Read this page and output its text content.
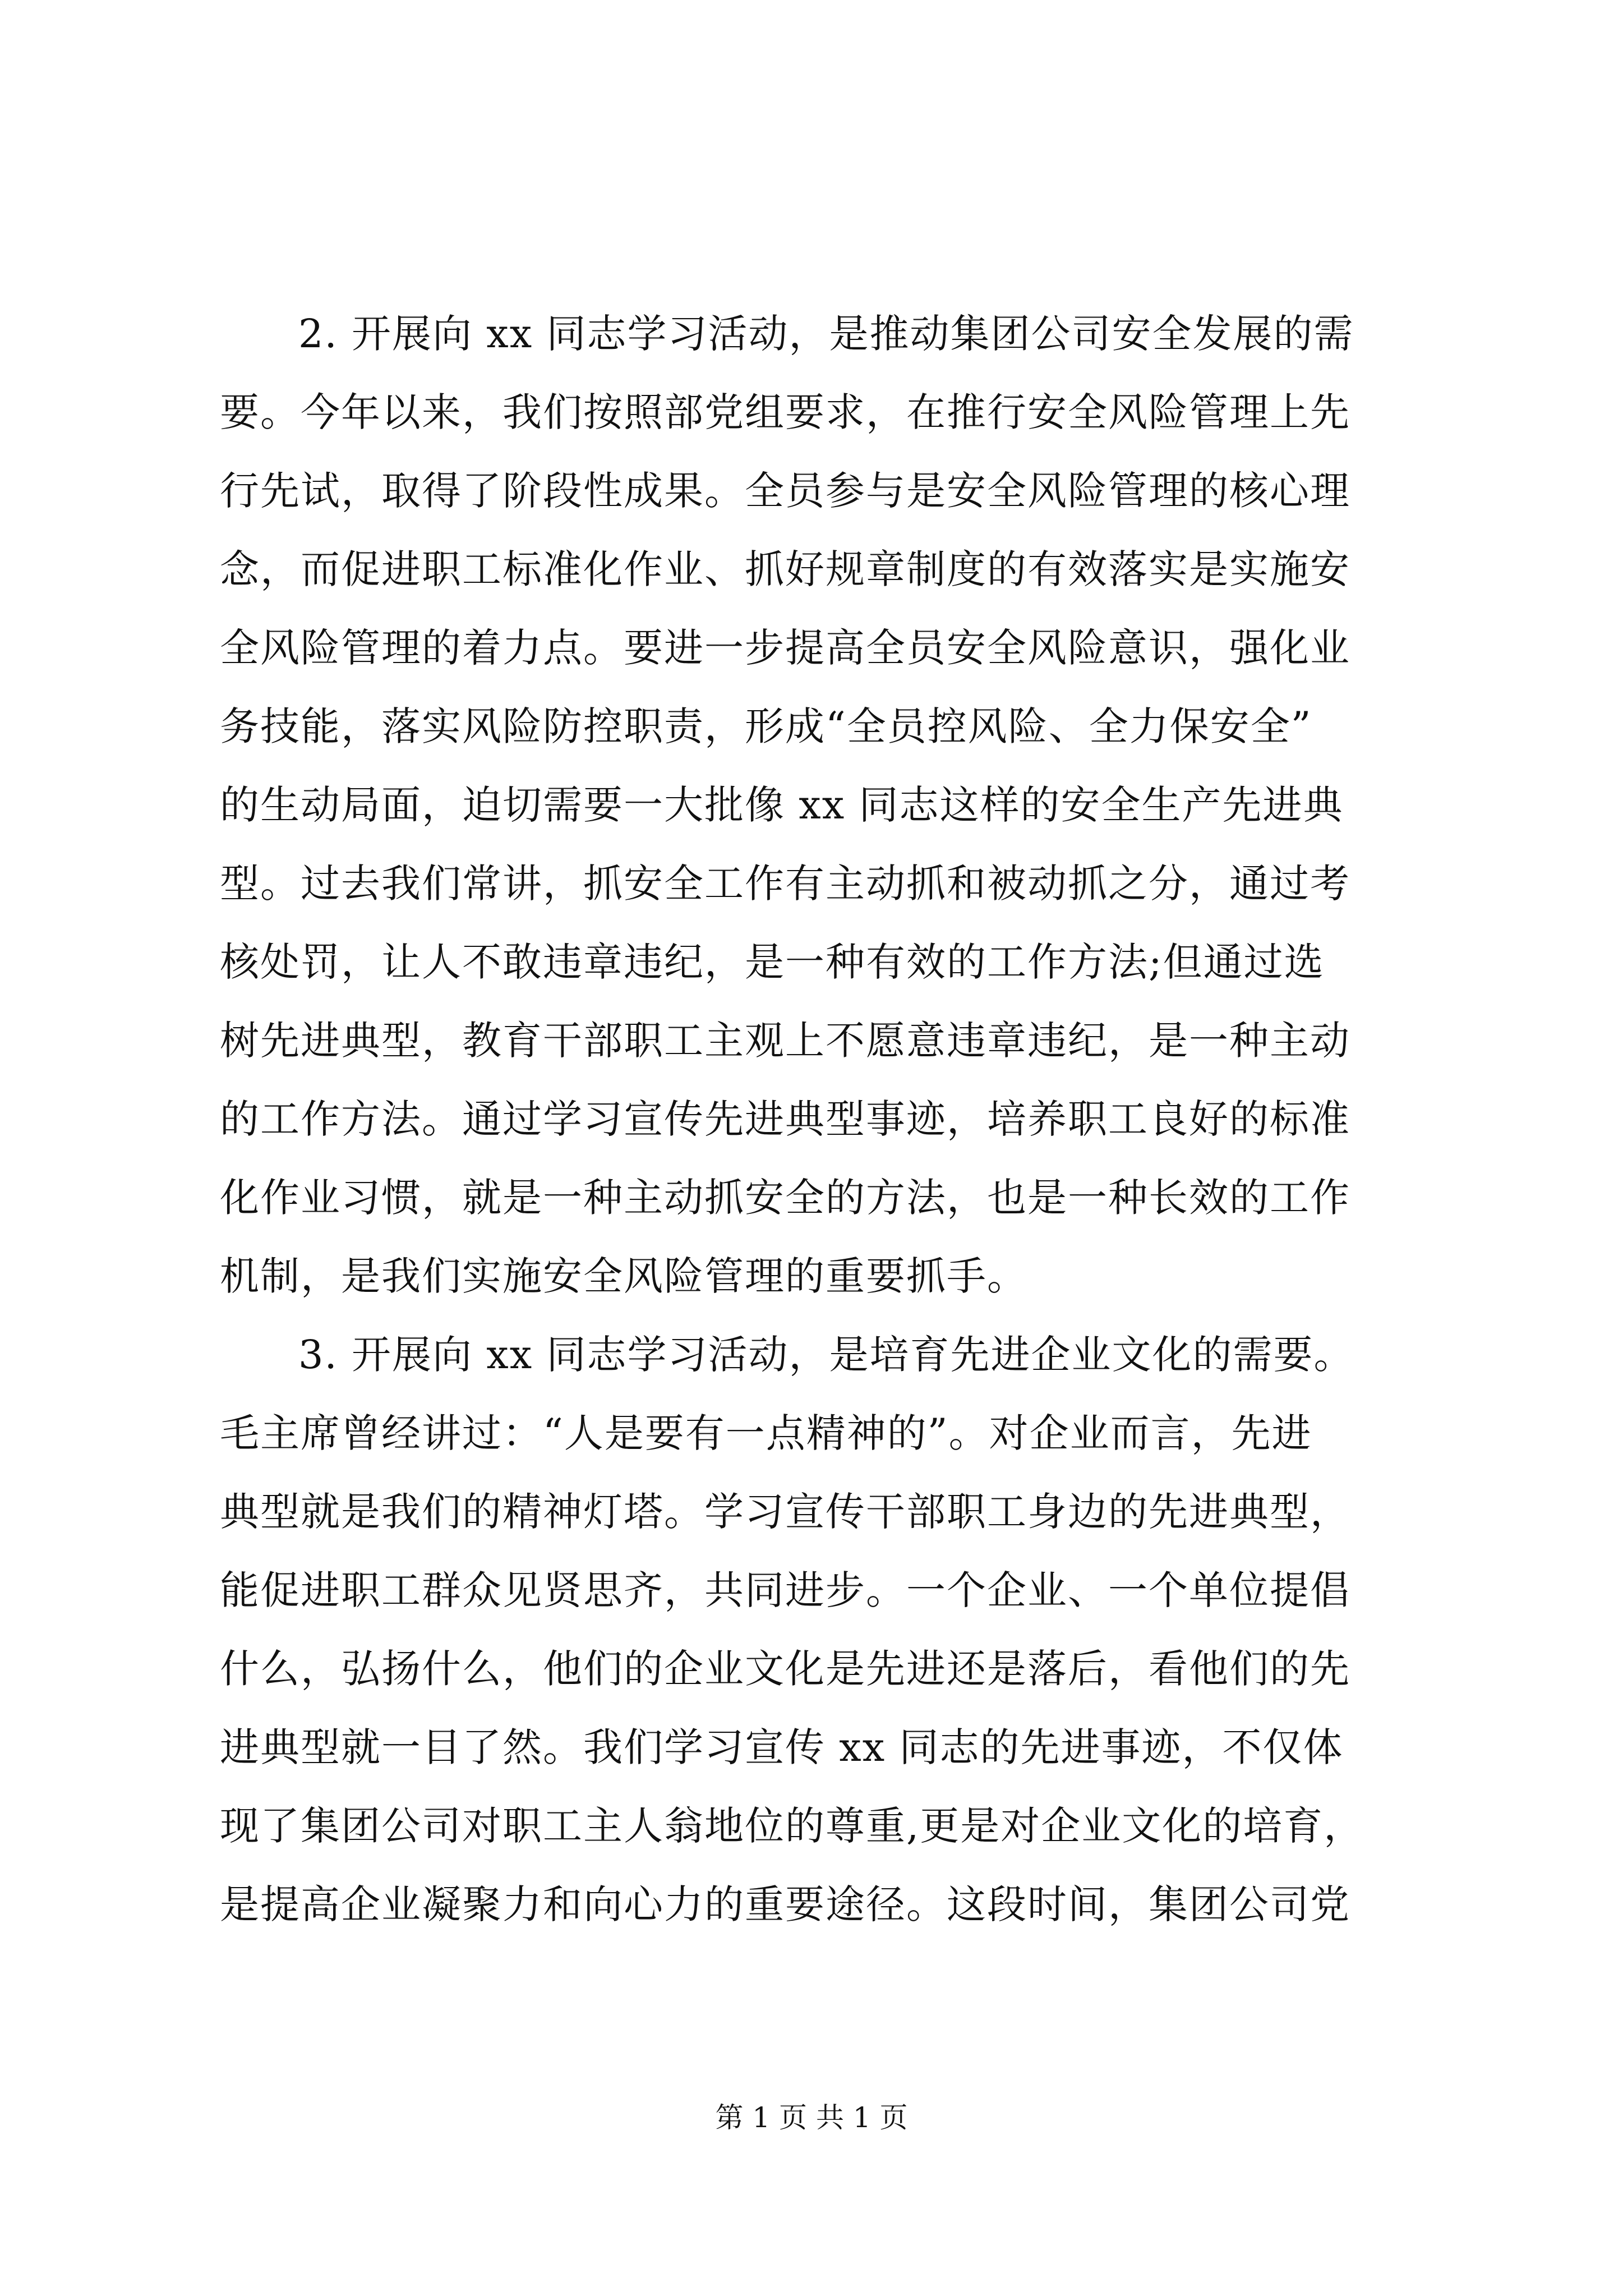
2. 开展向 xx 同志学习活动，是推动集团公司安全发展的需
要。今年以来，我们按照部党组要求，在推行安全风险管理上先
行先试，取得了阶段性成果。全员参与是安全风险管理的核心理
念，而促进职工标准化作业、抓好规章制度的有效落实是实施安
全风险管理的着力点。要进一步提高全员安全风险意识，强化业
务技能，落实风险防控职责，形成“全员控风险、全力保安全”
的生动局面，迫切需要一大批像 xx 同志这样的安全生产先进典
型。过去我们常讲，抓安全工作有主动抓和被动抓之分，通过考
核处罚，让人不敢违章违纪，是一种有效的工作方法;但通过选
树先进典型，教育干部职工主观上不愿意违章违纪，是一种主动
的工作方法。通过学习宣传先进典型事迹，培养职工良好的标准
化作业习惯，就是一种主动抓安全的方法，也是一种长效的工作
机制，是我们实施安全风险管理的重要抓手。
3. 开展向 xx 同志学习活动，是培育先进企业文化的需要。
毛主席曾经讲过：“人是要有一点精神的”。对企业而言，先进
典型就是我们的精神灯塔。学习宣传干部职工身边的先进典型，
能促进职工群众见贤思齐，共同进步。一个企业、一个单位提倡
什么，弘扬什么，他们的企业文化是先进还是落后，看他们的先
进典型就一目了然。我们学习宣传 xx 同志的先进事迹，不仅体
现了集团公司对职工主人翁地位的尊重,更是对企业文化的培育，
是提高企业凝聚力和向心力的重要途径。这段时间，集团公司党
第 1 页 共 1 页
